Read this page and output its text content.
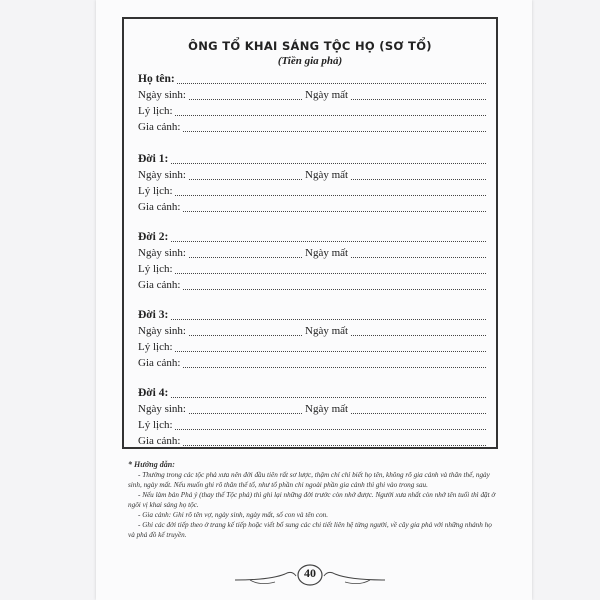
ÔNG TỔ KHAI SÁNG TỘC HỌ (SƠ TỔ)
(Tiền gia phả)
Họ tên:
Ngày sinh:	Ngày mất
Lý lịch:
Gia cảnh:
Đời 1:
Ngày sinh:	Ngày mất
Lý lịch:
Gia cảnh:
Đời 2:
Ngày sinh:	Ngày mất
Lý lịch:
Gia cảnh:
Đời 3:
Ngày sinh:	Ngày mất
Lý lịch:
Gia cảnh:
Đời 4:
Ngày sinh:	Ngày mất
Lý lịch:
Gia cảnh:
* Hướng dẫn:

- Thường trong các tộc phả xưa nên đời đầu tiên rất sơ lược, thậm chí chỉ biết họ tên, không rõ gia cảnh và thân thế, ngày sinh, ngày mất. Nếu muốn ghi rõ thân thế tổ, như tổ phần chi ngoài phần gia cảnh thì ghi vào trong sau.

- Nếu làm bản Phả ý (thay thế Tộc phả) thì ghi lại những đời trước còn nhớ được. Người xưa nhất còn nhớ tên tuổi thì đặt ở ngôi vị khai sáng họ tộc.

- Gia cảnh: Ghi rõ tên vợ, ngày sinh, ngày mất, số con và tên con.

- Ghi các đời tiếp theo ở trang kế tiếp hoặc viết bổ sung các chi tiết liên hệ từng người, về cây gia phả với những nhánh họ và phả đồ kế truyền.

40
